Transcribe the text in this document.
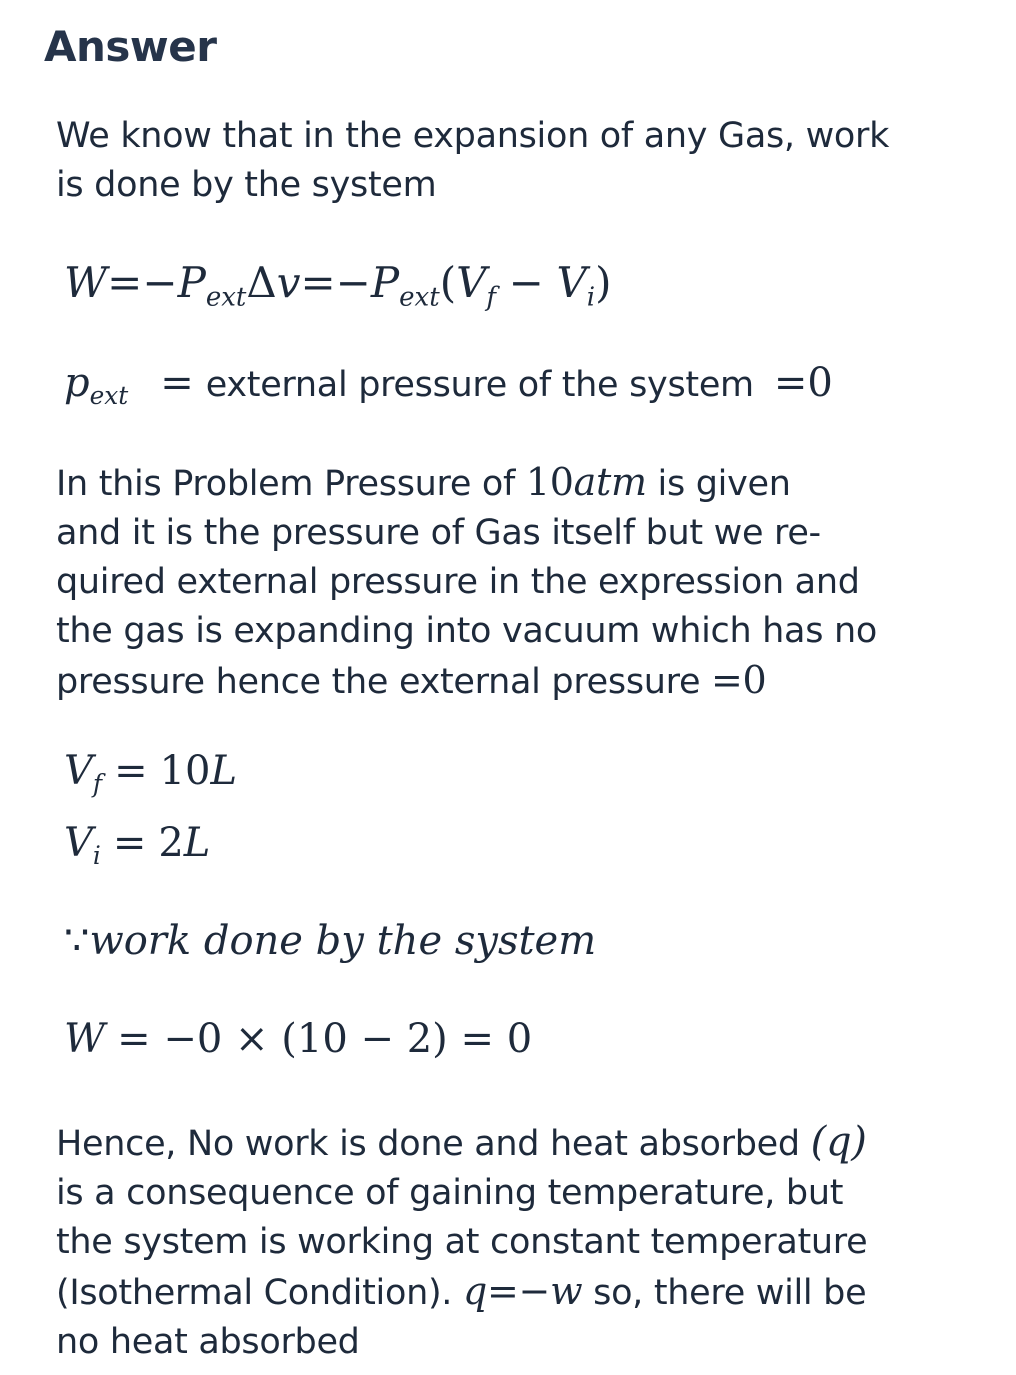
Answer
We know that in the expansion of any Gas, work
is done by the system
$W=-P_{ext}\Delta v=-P_{ext}(V_f - V_i)$
$p_{ext}$ = external pressure of the system =0
In this Problem Pressure of 10atm is given
and it is the pressure of Gas itself but we re-
quired external pressure in the expression and
the gas is expanding into vacuum which has no
pressure hence the external pressure =0
$V_f = 10L$
$V_i = 2L$
∵work done by the system
W = −0 × (10 − 2) = 0
Hence, No work is done and heat absorbed (q)
is a consequence of gaining temperature, but
the system is working at constant temperature
(Isothermal Condition). q=−w so, there will be
no heat absorbed
